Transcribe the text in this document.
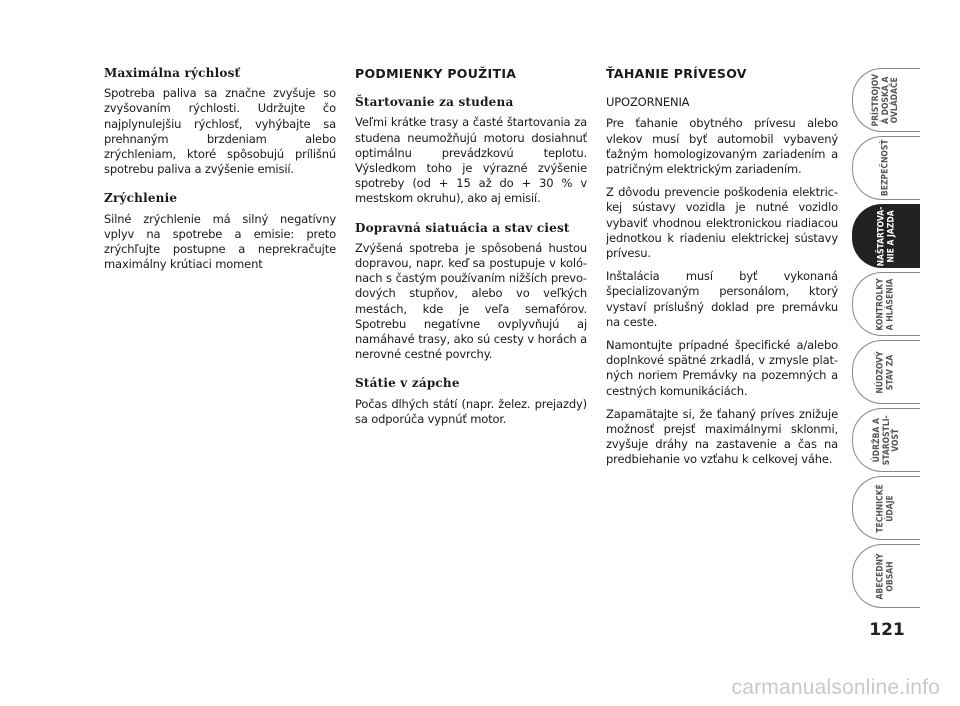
Maximálna rýchlosť

Spotreba paliva sa značne zvyšuje so zvyšovaním rýchlosti. Udržujte čo najplynulejšiu rýchlosť, vyhýbajte sa prehnaným brzdeniam alebo zrýchleniam, ktoré spôsobujú prílišnú spotrebu paliva a zvýšenie emisií.

Zrýchlenie

Silné zrýchlenie má silný negatívny vplyv na spotrebe a emisie: preto zrýchľujte postupne a neprekračujte maximálny krútiaci moment

PODMIENKY POUŽITIA
Štartovanie za studena

Veľmi krátke trasy a časté štartovania za studena neumožňujú motoru dosiahnuť optimálnu prevádzkovú teplotu. Výsledkom toho je výrazné zvýšenie spotreby (od + 15 až do + 30 % v mestskom okruhu), ako aj emisií.

Dopravná siatuácia a stav ciest

Zvýšená spotreba je spôsobená hustou dopravou, napr. keď sa postupuje v kolónach s častým používaním nižších prevodových stupňov, alebo vo veľkých mestách, kde je veľa semafórov. Spotrebu negatívne ovplyvňujú aj namáhavé trasy, ako sú cesty v horách a nerovné cestné povrchy.

Státie v zápche

Počas dlhých státí (napr. želez. prejazdy) sa odporúča vypnúť motor.

ŤAHANIE PRÍVESOV

UPOZORNENIA

Pre ťahanie obytného prívesu alebo vlekov musí byť automobil vybavený ťažným homologizovaným zariadením a patričným elektrickým zariadením.

Z dôvodu prevencie poškodenia elektrickej sústavy vozidla je nutné vozidlo vybaviť vhodnou elektronickou riadiacou jednotkou k riadeniu elektrickej sústavy prívesu.

Inštalácia musí byť vykonaná špecializovaným personálom, ktorý vystaví príslušný doklad pre premávku na ceste.

Namontujte prípadné špecifické a/alebo doplnkové spätné zrkadlá, v zmysle platných noriem Premávky na pozemných a cestných komunikáciách.

Zapamätajte si, že ťahaný príves znižuje možnosť prejsť maximálnymi sklonmi, zvyšuje dráhy na zastavenie a čas na predbiehanie vo vzťahu k celkovej váhe.

PRÍSTROJOV
Á DOSKA A
OVLÁDAČE
BEZPEČNOSŤ
NAŠTARTOVA-
NIE A JAZDA
KONTROLKY
A HLÁSENIA
NÚDZOVÝ
STAV ZA
ÚDRŽBA A
STAROSTLI-
VOSŤ
TECHNICKÉ
ÚDAJE
ABECEDNÝ
OBSAH
121
carmanualsonline.info
